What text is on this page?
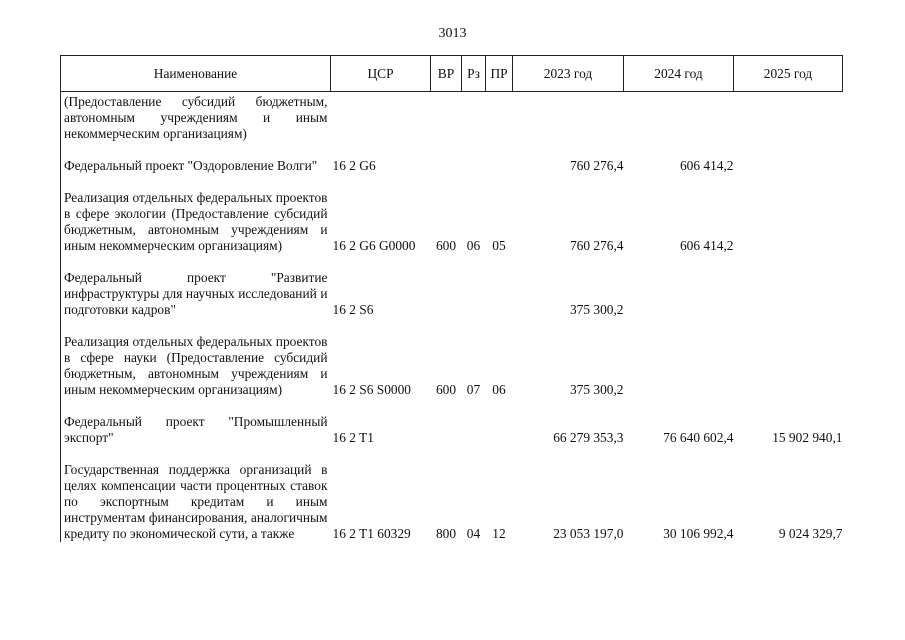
3013
Наименование	ЦСР	ВР	Рз	ПР	2023 год	2024 год	2025 год
(Предоставление субсидий бюджетным, автономным учреждениям и иным некоммерческим организациям)							

Федеральный проект "Оздоровление Волги"	16 2 G6				760 276,4	606 414,2	

Реализация отдельных федеральных проектов в сфере экологии (Предоставление субсидий бюджетным, автономным учреждениям и иным некоммерческим организациям)	16 2 G6 G0000	600	06	05	760 276,4	606 414,2	

Федеральный проект "Развитие инфраструктуры для научных исследований и подготовки кадров"	16 2 S6				375 300,2		

Реализация отдельных федеральных проектов в сфере науки (Предоставление субсидий бюджетным, автономным учреждениям и иным некоммерческим организациям)	16 2 S6 S0000	600	07	06	375 300,2		

Федеральный проект "Промышленный экспорт"	16 2 T1				66 279 353,3	76 640 602,4	15 902 940,1

Государственная поддержка организаций в целях компенсации части процентных ставок по экспортным кредитам и иным инструментам финансирования, аналогичным кредиту по экономической сути, а также	16 2 T1 60329	800	04	12	23 053 197,0	30 106 992,4	9 024 329,7
